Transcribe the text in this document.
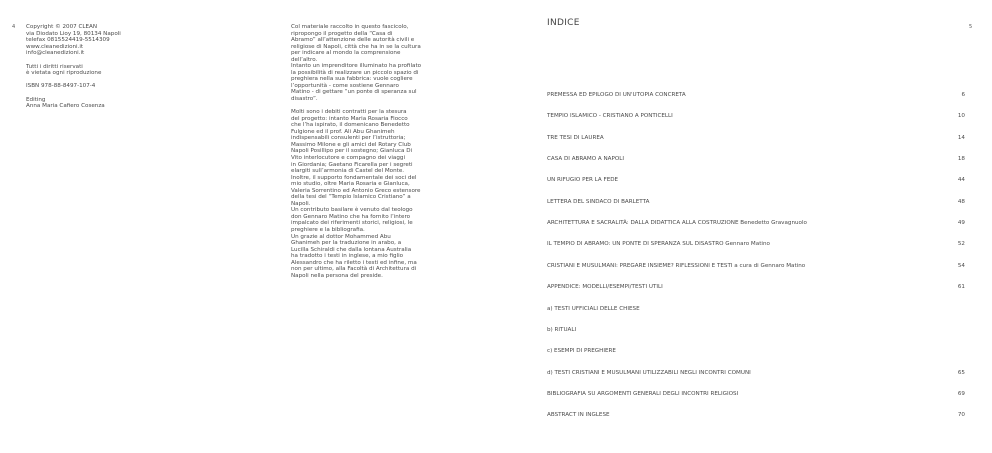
4	5
Copyright © 2007 CLEAN
via Diodato Lioy 19, 80134 Napoli
telefax 0815524419-5514309
www.cleanedizioni.it
info@cleanedizioni.it
Tutti i diritti riservati
è vietata ogni riproduzione
ISBN 978-88-8497-107-4
Editing
Anna Maria Cafiero Cosenza
Col materiale raccolto in questo fascicolo,
ripropongo il progetto della “Casa di
Abramo” all’attenzione delle autorità civili e
religiose di Napoli, città che ha in se la cultura
per indicare al mondo la comprensione
dell’altro.
Intanto un imprenditore illuminato ha profilato
la possibilità di realizzare un piccolo spazio di
preghiera nella sua fabbrica: vuole cogliere
l’opportunità - come sostiene Gennaro
Matino - di gettare “un ponte di speranza sul
disastro”.
Molti sono i debiti contratti per la stesura
del progetto: intanto Maria Rosaria Fiocco
che l’ha ispirato, il domenicano Benedetto
Fulgione ed il prof. Ali Abu Ghanimeh
indispensabili consulenti per l’istruttoria;
Massimo Milone e gli amici del Rotary Club
Napoli Posillipo per il sostegno; Gianluca Di
Vito interlocutore e compagno dei viaggi
in Giordania; Gaetano Ficarella per i segreti
elargiti sull’armonia di Castel del Monte.
Inoltre, il supporto fondamentale dei soci del
mio studio, oltre Maria Rosaria e Gianluca,
Valeria Sorrentino ed Antonio Greco estensore
della tesi del “Tempio Islamico Cristiano” a
Napoli.
Un contributo basilare è venuto dal teologo
don Gennaro Matino che ha fornito l’intero
impalcato dei riferimenti storici, religiosi, le
preghiere e la bibliografia.
Un grazie al dottor Mohammed Abu
Ghanimeh per la traduzione in arabo, a
Lucilla Schiraldi che dalla lontana Australia
ha tradotto i testi in inglese, a mio figlio
Alessandro che ha riletto i testi ed infine, ma
non per ultimo, alla Facoltà di Architettura di
Napoli nella persona del preside.
INDICE
PREMESSA ED EPILOGO DI UN'UTOPIA CONCRETA	6
TEMPIO ISLAMICO - CRISTIANO A PONTICELLI	10
TRE TESI DI LAUREA	14
CASA DI ABRAMO A NAPOLI	18
UN RIFUGIO PER LA FEDE	44
LETTERA DEL SINDACO DI BARLETTA	48
ARCHITETTURA E SACRALITÀ: DALLA DIDATTICA ALLA COSTRUZIONE Benedetto Gravagnuolo	49
IL TEMPIO DI ABRAMO: UN PONTE DI SPERANZA SUL DISASTRO Gennaro Matino	52
CRISTIANI E MUSULMANI: PREGARE INSIEME? RIFLESSIONI E TESTI a cura di Gennaro Matino	54
APPENDICE: MODELLI/ESEMPI/TESTI UTILI	61
a) TESTI UFFICIALI DELLE CHIESE
b) RITUALI
c) ESEMPI DI PREGHIERE
d) TESTI CRISTIANI E MUSULMANI UTILIZZABILI NEGLI INCONTRI COMUNI	65
BIBLIOGRAFIA SU ARGOMENTI GENERALI DEGLI INCONTRI RELIGIOSI	69
ABSTRACT IN INGLESE	70
